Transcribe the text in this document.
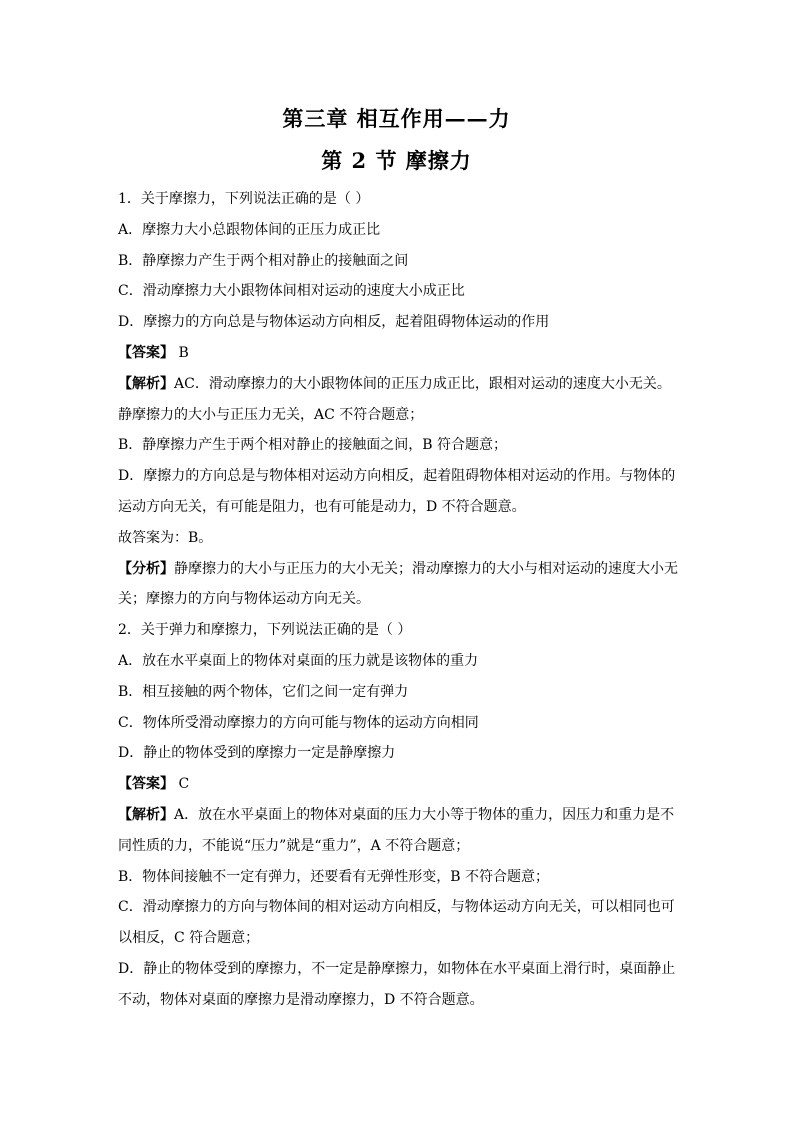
第三章 相互作用——力
第 2 节 摩擦力
1．关于摩擦力，下列说法正确的是（ ）
A．摩擦力大小总跟物体间的正压力成正比
B．静摩擦力产生于两个相对静止的接触面之间
C．滑动摩擦力大小跟物体间相对运动的速度大小成正比
D．摩擦力的方向总是与物体运动方向相反，起着阻碍物体运动的作用
【答案】 B
【解析】AC．滑动摩擦力的大小跟物体间的正压力成正比，跟相对运动的速度大小无关。
静摩擦力的大小与正压力无关，AC 不符合题意；
B．静摩擦力产生于两个相对静止的接触面之间，B 符合题意；
D．摩擦力的方向总是与物体相对运动方向相反，起着阻碍物体相对运动的作用。与物体的
运动方向无关，有可能是阻力，也有可能是动力，D 不符合题意。
故答案为：B。
【分析】静摩擦力的大小与正压力的大小无关；滑动摩擦力的大小与相对运动的速度大小无
关；摩擦力的方向与物体运动方向无关。
2．关于弹力和摩擦力，下列说法正确的是（ ）
A．放在水平桌面上的物体对桌面的压力就是该物体的重力
B．相互接触的两个物体，它们之间一定有弹力
C．物体所受滑动摩擦力的方向可能与物体的运动方向相同
D．静止的物体受到的摩擦力一定是静摩擦力
【答案】 C
【解析】A．放在水平桌面上的物体对桌面的压力大小等于物体的重力，因压力和重力是不
同性质的力，不能说“压力”就是“重力”，A 不符合题意；
B．物体间接触不一定有弹力，还要看有无弹性形变，B 不符合题意；
C．滑动摩擦力的方向与物体间的相对运动方向相反，与物体运动方向无关，可以相同也可
以相反，C 符合题意；
D．静止的物体受到的摩擦力，不一定是静摩擦力，如物体在水平桌面上滑行时，桌面静止
不动，物体对桌面的摩擦力是滑动摩擦力，D 不符合题意。
